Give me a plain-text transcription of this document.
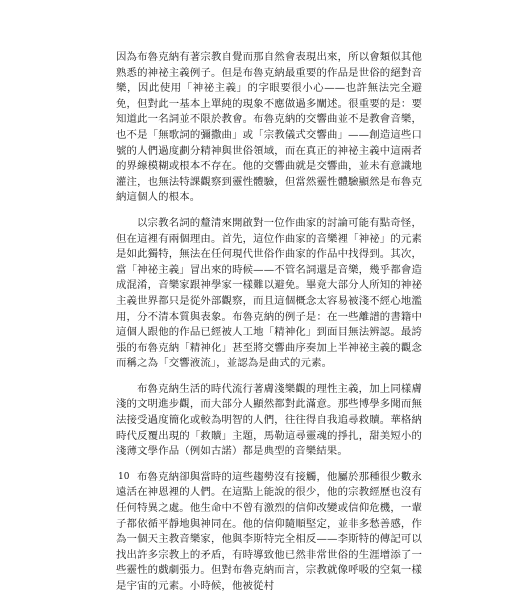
因為布魯克納有著宗教自覺而那自然會表現出來，所以會類似其他熟悉的神祕主義例子。但是布魯克納最重要的作品是世俗的絕對音樂，因此使用「神祕主義」的字眼要很小心——也許無法完全避免，但對此一基本上單純的現象不應做過多闡述。很重要的是：要知道此一名詞並不限於教會。布魯克納的交響曲並不是教會音樂，也不是「無歌詞的彌撒曲」或「宗教儀式交響曲」——創造這些口號的人們過度劃分精神與世俗領域，而在真正的神祕主義中這兩者的界線模糊或根本不存在。他的交響曲就是交響曲，並未有意識地灌注，也無法特課觀察到靈性體驗，但當然靈性體驗顯然是布魯克納這個人的根本。

以宗教名詞的釐清來開啟對一位作曲家的討論可能有點奇怪，但在這裡有兩個理由。首先，這位作曲家的音樂裡「神祕」的元素是如此獨特，無法在任何現代世俗作曲家的作品中找得到。其次，當「神祕主義」冒出來的時候——不管名詞還是音樂，幾乎都會造成混淆，音樂家跟神學家一樣難以避免。畢竟大部分人所知的神祕主義世界都只是從外部觀察，而且這個概念太容易被淺不經心地濫用，分不清本質與表象。布魯克納的例子是：在一些離譜的書籍中這個人跟他的作品已經被人工地「精神化」到面目無法辨認。最誇張的布魯克納「精神化」甚至將交響曲序奏加上半神祕主義的觀念而稱之為「交響液流」，並認為是曲式的元素。

布魯克納生活的時代流行著膚淺樂觀的理性主義，加上同樣膚淺的文明進步觀，而大部分人顯然都對此滿意。那些博學多聞而無法接受過度簡化或較為明智的人們，往往得自我追尋救贖。華格納時代反覆出現的「救贖」主題，馬勒這尋靈魂的掙扎，甜美短小的淺薄文學作品（例如古諾）都是典型的音樂結果。

布魯克納卻與當時的這些趨勢沒有接觸，他屬於那種很少數永遠活在神恩裡的人們。在這點上能說的很少，他的宗教經歷也沒有任何特異之處。他生命中不曾有激烈的信仰改變或信仰危機，一輩子都依循平靜地與神同在。他的信仰隨順堅定，並非多愁善感，作為一個天主教音樂家，他與李斯特完全相反——李斯特的傳記可以找出許多宗教上的矛盾，有時導致他已然非常世俗的生涯增添了一些靈性的戲劇張力。但對布魯克納而言，宗教就像呼吸的空氣一樣是宇宙的元素。小時候，他被從村

10
